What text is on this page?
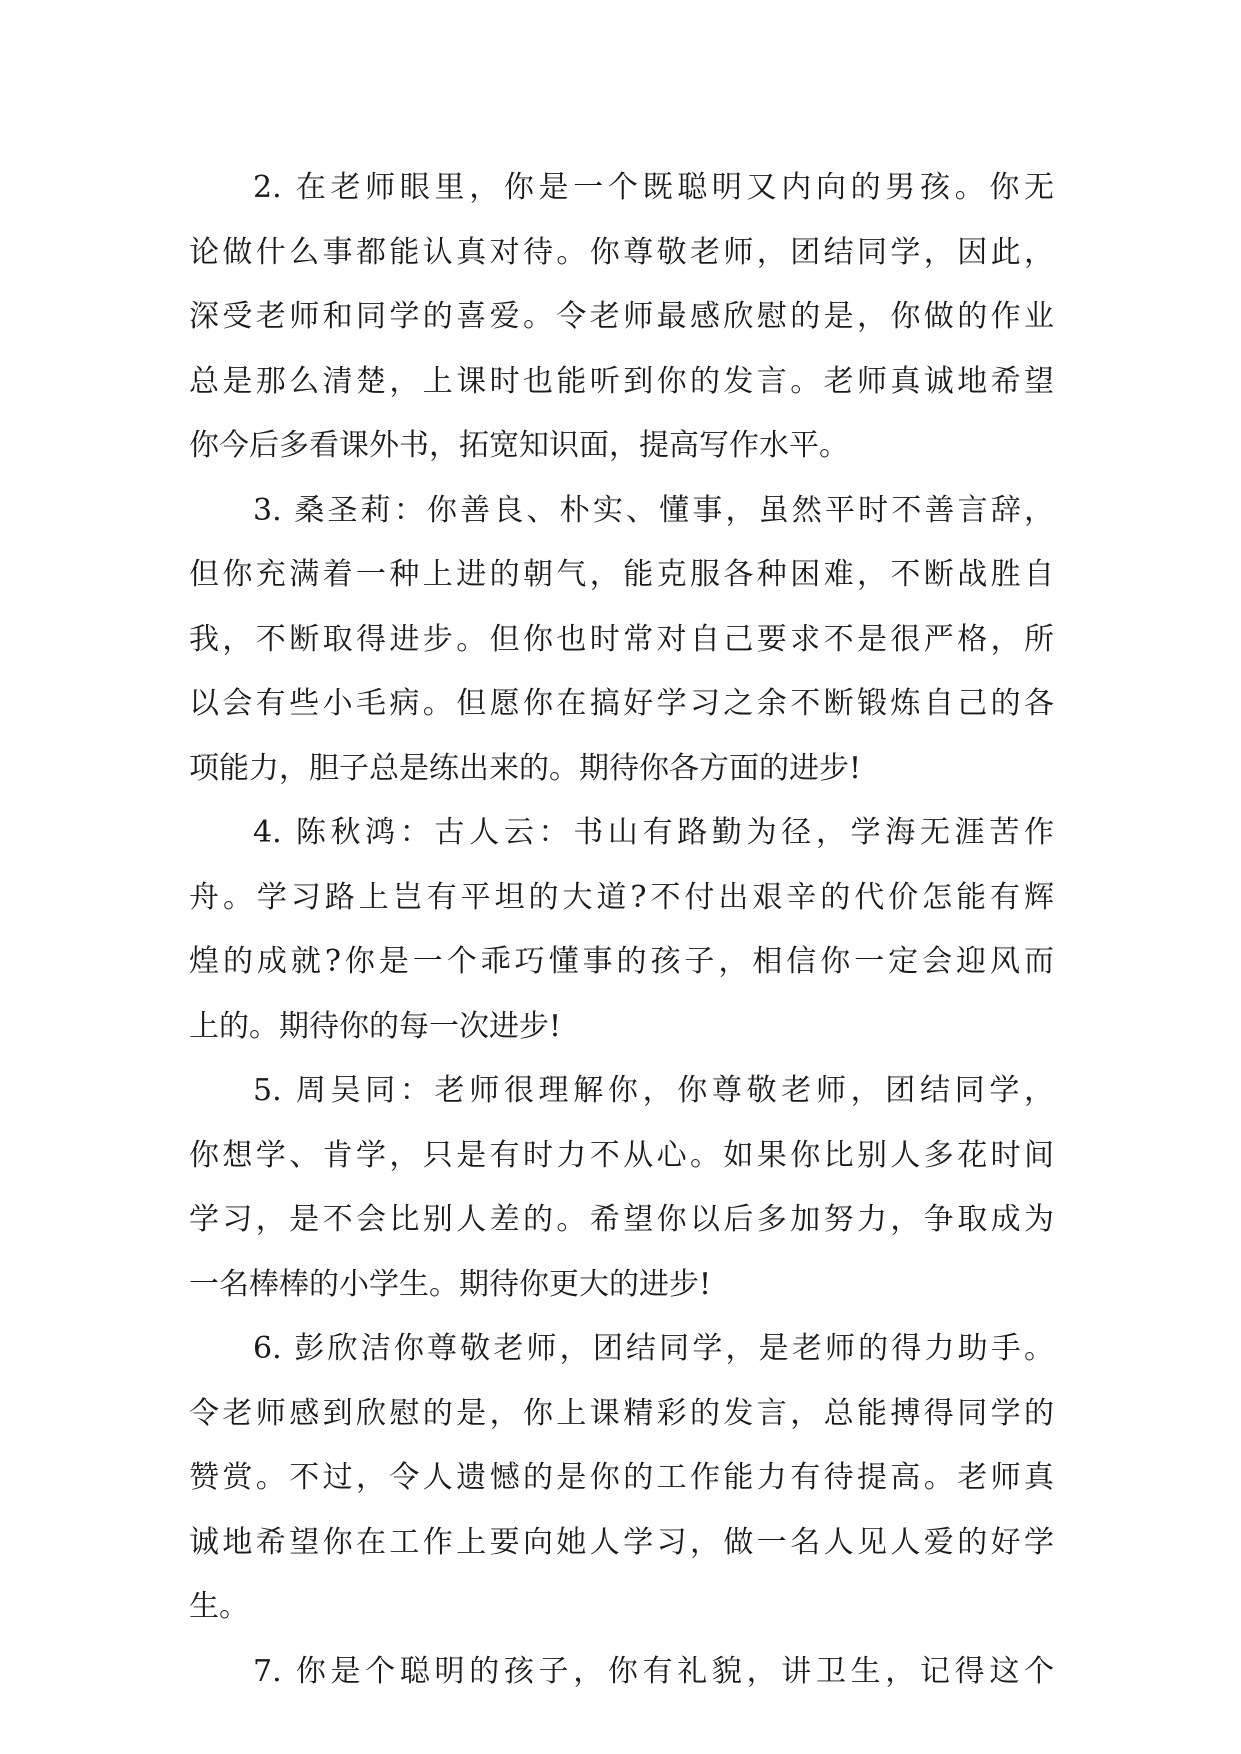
2. 在老师眼里，你是一个既聪明又内向的男孩。你无
论做什么事都能认真对待。你尊敬老师，团结同学，因此，
深受老师和同学的喜爱。令老师最感欣慰的是，你做的作业
总是那么清楚，上课时也能听到你的发言。老师真诚地希望
你今后多看课外书，拓宽知识面，提高写作水平。
3. 桑圣莉：你善良、朴实、懂事，虽然平时不善言辞，
但你充满着一种上进的朝气，能克服各种困难，不断战胜自
我，不断取得进步。但你也时常对自己要求不是很严格，所
以会有些小毛病。但愿你在搞好学习之余不断锻炼自己的各
项能力，胆子总是练出来的。期待你各方面的进步!
4. 陈秋鸿：古人云：书山有路勤为径，学海无涯苦作
舟。学习路上岂有平坦的大道?不付出艰辛的代价怎能有辉
煌的成就?你是一个乖巧懂事的孩子，相信你一定会迎风而
上的。期待你的每一次进步!
5. 周吴同：老师很理解你，你尊敬老师，团结同学，
你想学、肯学，只是有时力不从心。如果你比别人多花时间
学习，是不会比别人差的。希望你以后多加努力，争取成为
一名棒棒的小学生。期待你更大的进步!
6. 彭欣洁你尊敬老师，团结同学，是老师的得力助手。
令老师感到欣慰的是，你上课精彩的发言，总能搏得同学的
赞赏。不过，令人遗憾的是你的工作能力有待提高。老师真
诚地希望你在工作上要向她人学习，做一名人见人爱的好学
生。
7. 你是个聪明的孩子，你有礼貌，讲卫生，记得这个
